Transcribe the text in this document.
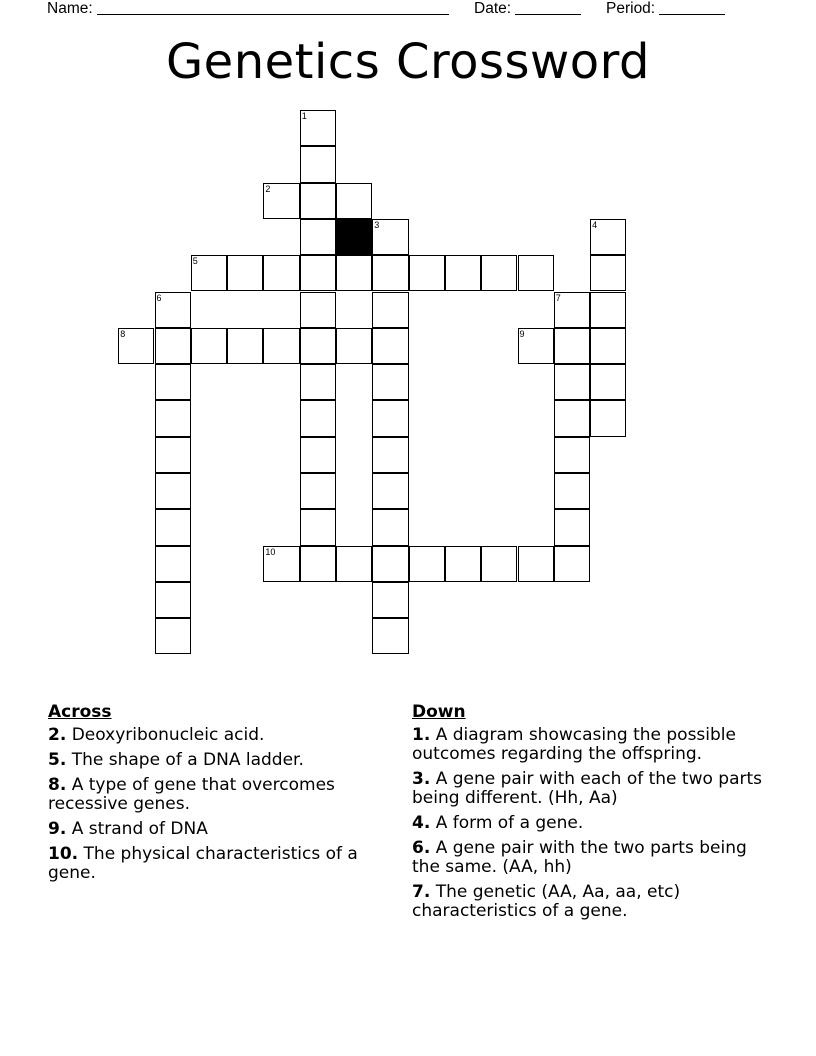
Name:	Date:	Period:
Genetics Crossword
1
2
3	4
5
6	7
8	9
10
Across
2. Deoxyribonucleic acid.
5. The shape of a DNA ladder.
8. A type of gene that overcomes recessive genes.
9. A strand of DNA
10. The physical characteristics of a gene.
Down
1. A diagram showcasing the possible outcomes regarding the offspring.
3. A gene pair with each of the two parts being different. (Hh, Aa)
4. A form of a gene.
6. A gene pair with the two parts being the same. (AA, hh)
7. The genetic (AA, Aa, aa, etc) characteristics of a gene.
